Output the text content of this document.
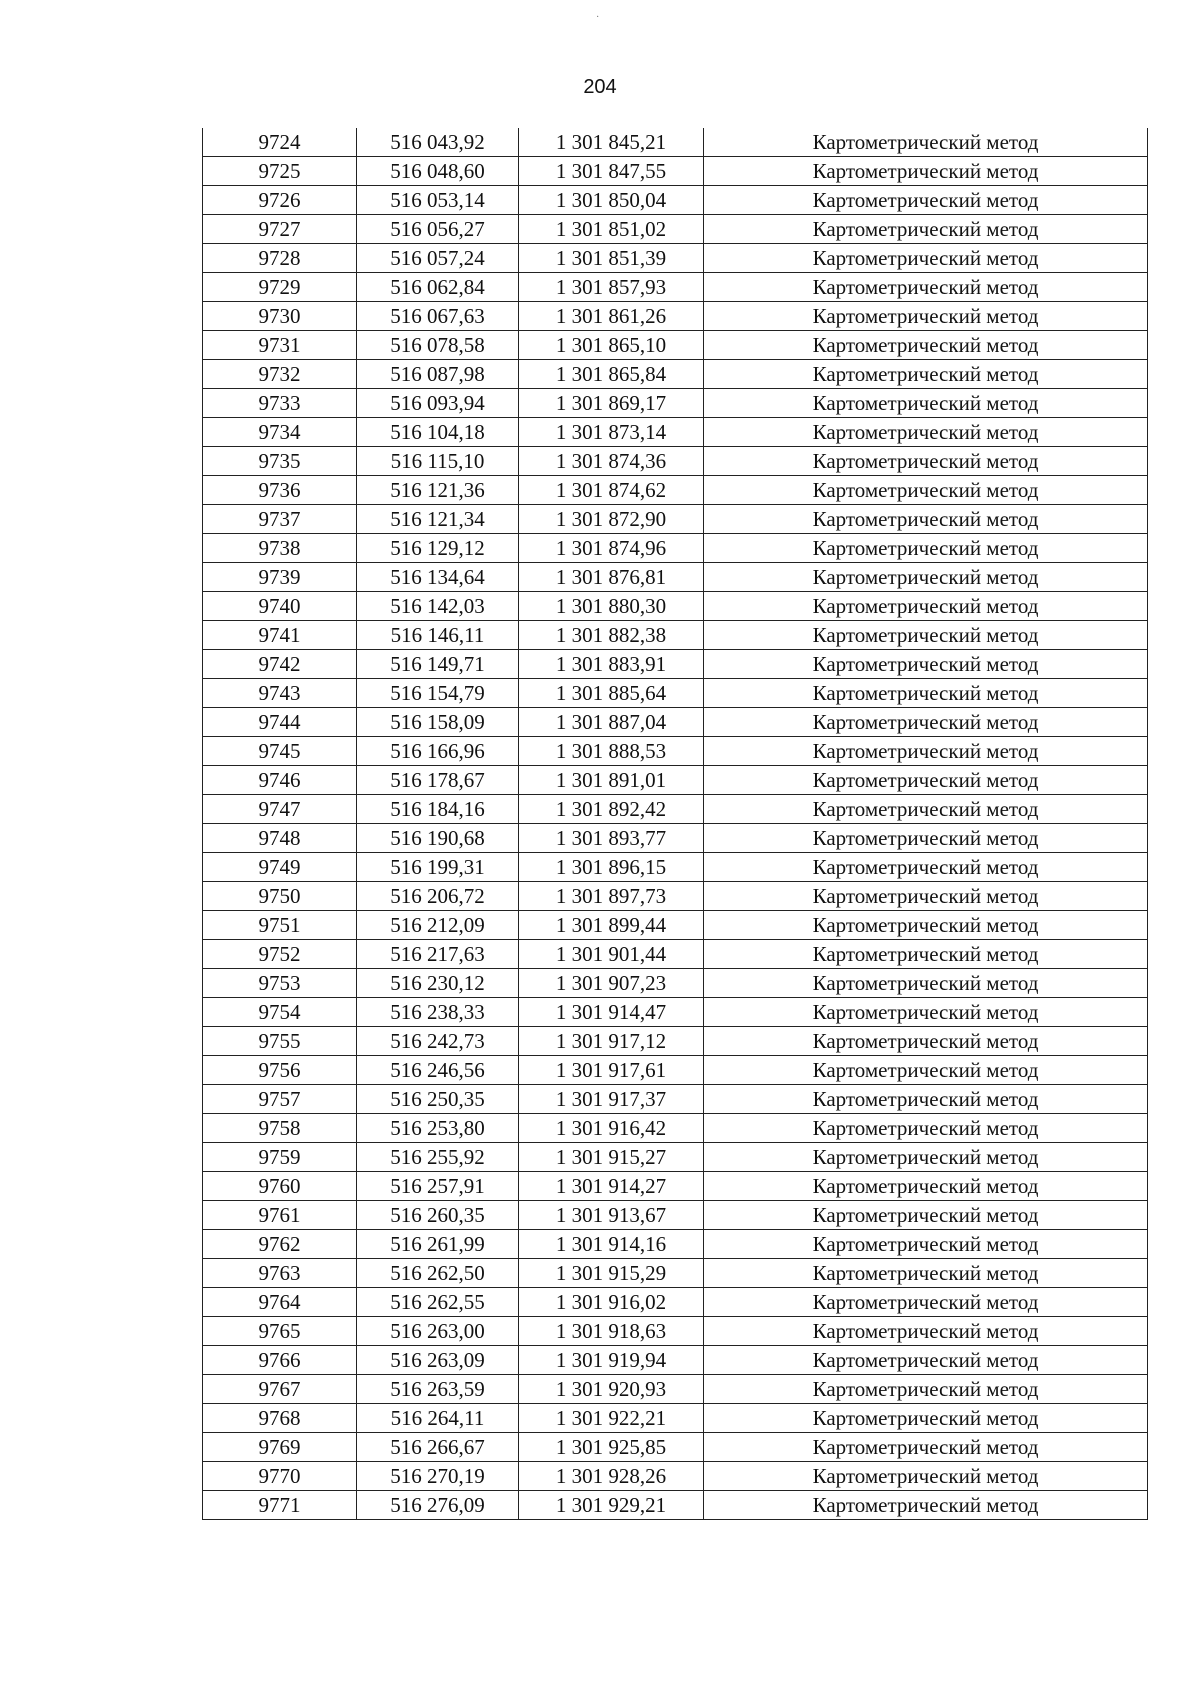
·
204
9724	516 043,92	1 301 845,21	Картометрический метод
9725	516 048,60	1 301 847,55	Картометрический метод
9726	516 053,14	1 301 850,04	Картометрический метод
9727	516 056,27	1 301 851,02	Картометрический метод
9728	516 057,24	1 301 851,39	Картометрический метод
9729	516 062,84	1 301 857,93	Картометрический метод
9730	516 067,63	1 301 861,26	Картометрический метод
9731	516 078,58	1 301 865,10	Картометрический метод
9732	516 087,98	1 301 865,84	Картометрический метод
9733	516 093,94	1 301 869,17	Картометрический метод
9734	516 104,18	1 301 873,14	Картометрический метод
9735	516 115,10	1 301 874,36	Картометрический метод
9736	516 121,36	1 301 874,62	Картометрический метод
9737	516 121,34	1 301 872,90	Картометрический метод
9738	516 129,12	1 301 874,96	Картометрический метод
9739	516 134,64	1 301 876,81	Картометрический метод
9740	516 142,03	1 301 880,30	Картометрический метод
9741	516 146,11	1 301 882,38	Картометрический метод
9742	516 149,71	1 301 883,91	Картометрический метод
9743	516 154,79	1 301 885,64	Картометрический метод
9744	516 158,09	1 301 887,04	Картометрический метод
9745	516 166,96	1 301 888,53	Картометрический метод
9746	516 178,67	1 301 891,01	Картометрический метод
9747	516 184,16	1 301 892,42	Картометрический метод
9748	516 190,68	1 301 893,77	Картометрический метод
9749	516 199,31	1 301 896,15	Картометрический метод
9750	516 206,72	1 301 897,73	Картометрический метод
9751	516 212,09	1 301 899,44	Картометрический метод
9752	516 217,63	1 301 901,44	Картометрический метод
9753	516 230,12	1 301 907,23	Картометрический метод
9754	516 238,33	1 301 914,47	Картометрический метод
9755	516 242,73	1 301 917,12	Картометрический метод
9756	516 246,56	1 301 917,61	Картометрический метод
9757	516 250,35	1 301 917,37	Картометрический метод
9758	516 253,80	1 301 916,42	Картометрический метод
9759	516 255,92	1 301 915,27	Картометрический метод
9760	516 257,91	1 301 914,27	Картометрический метод
9761	516 260,35	1 301 913,67	Картометрический метод
9762	516 261,99	1 301 914,16	Картометрический метод
9763	516 262,50	1 301 915,29	Картометрический метод
9764	516 262,55	1 301 916,02	Картометрический метод
9765	516 263,00	1 301 918,63	Картометрический метод
9766	516 263,09	1 301 919,94	Картометрический метод
9767	516 263,59	1 301 920,93	Картометрический метод
9768	516 264,11	1 301 922,21	Картометрический метод
9769	516 266,67	1 301 925,85	Картометрический метод
9770	516 270,19	1 301 928,26	Картометрический метод
9771	516 276,09	1 301 929,21	Картометрический метод
